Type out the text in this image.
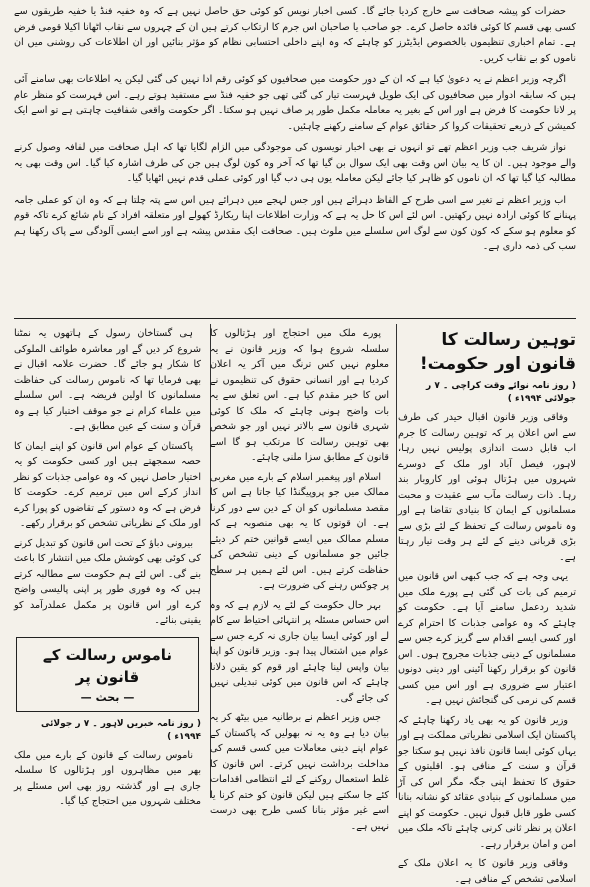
حضرات کو پیشہ صحافت سے خارج کردیا جائے گا۔ کسی اخبار نویس کو کوئی حق حاصل نہیں ہے کہ وہ خفیہ فنڈ یا خفیہ طریقوں سے کسی بھی قسم کا کوئی فائدہ حاصل کرے۔ جو صاحب یا صاحبان اس جرم کا ارتکاب کرتے ہیں ان کے چہروں سے نقاب اٹھانا اکیلا قومی فرض ہے۔ تمام اخباری تنظیموں بالخصوص ایڈیٹرز کو چاہئے کہ وہ اپنے داخلی احتسابی نظام کو مؤثر بنائیں اور ان اطلاعات کی روشنی میں ان ناموں کو بے نقاب کریں۔

اگرچہ وزیر اعظم نے یہ دعویٰ کیا ہے کہ ان کے دور حکومت میں صحافیوں کو کوئی رقم ادا نہیں کی گئی لیکن یہ اطلاعات بھی سامنے آئی ہیں کہ سابقہ ادوار میں صحافیوں کی ایک طویل فہرست تیار کی گئی تھی جو خفیہ فنڈ سے مستفید ہوتے رہے۔ اس فہرست کو منظر عام پر لانا حکومت کا فرض ہے اور اس کے بغیر یہ معاملہ مکمل طور پر صاف نہیں ہو سکتا۔ اگر حکومت واقعی شفافیت چاہتی ہے تو اسے ایک کمیشن کے ذریعے تحقیقات کروا کر حقائق عوام کے سامنے رکھنے چاہئیں۔

نواز شریف جب وزیر اعظم تھے تو انہوں نے بھی اخبار نویسوں کی موجودگی میں الزام لگایا تھا کہ اہل صحافت میں لفافہ وصول کرنے والے موجود ہیں۔ ان کا یہ بیان اس وقت بھی ایک سوال بن گیا تھا کہ آخر وہ کون لوگ ہیں جن کی طرف اشارہ کیا گیا۔ اس وقت بھی یہ مطالبہ کیا گیا تھا کہ ان ناموں کو ظاہر کیا جائے لیکن معاملہ یوں ہی دب گیا اور کوئی عملی قدم نہیں اٹھایا گیا۔

اب وزیر اعظم نے تغیر سے اسی طرح کے الفاظ دہرائے ہیں اور جس لہجے میں دہرائے ہیں اس سے پتہ چلتا ہے کہ وہ ان کو عملی جامہ پہنانے کا کوئی ارادہ نہیں رکھتیں۔ اس لئے اس کا حل یہ ہے کہ وزارت اطلاعات اپنا ریکارڈ کھولے اور متعلقہ افراد کے نام شائع کرے تاکہ قوم کو معلوم ہو سکے کہ کون کون سے لوگ اس سلسلے میں ملوث ہیں۔ صحافت ایک مقدس پیشہ ہے اور اسے ایسی آلودگی سے پاک رکھنا ہم سب کی ذمہ داری ہے۔

توہین رسالت کا قانون اور حکومت!

( روز نامہ نوائے وقت کراچی ۔ ۷ ر جولائی ۱۹۹۴ء )

وفاقی وزیر قانون اقبال حیدر کی طرف سے اس اعلان پر کہ توہین رسالت کا جرم اب قابل دست اندازی پولیس نہیں رہا، لاہور، فیصل آباد اور ملک کے دوسرے شہروں میں ہڑتال ہوئی اور کاروبار بند رہا۔ ذات رسالت مآب سے عقیدت و محبت مسلمانوں کے ایمان کا بنیادی تقاضا ہے اور وہ ناموس رسالت کے تحفظ کے لئے بڑی سے بڑی قربانی دینے کے لئے ہر وقت تیار رہتا ہے۔

یہی وجہ ہے کہ جب کبھی اس قانون میں ترمیم کی بات کی گئی ہے پورے ملک میں شدید ردعمل سامنے آیا ہے۔ حکومت کو چاہئے کہ وہ عوامی جذبات کا احترام کرے اور کسی ایسے اقدام سے گریز کرے جس سے مسلمانوں کے دینی جذبات مجروح ہوں۔ اس قانون کو برقرار رکھنا آئینی اور دینی دونوں اعتبار سے ضروری ہے اور اس میں کسی قسم کی نرمی کی گنجائش نہیں ہے۔

وزیر قانون کو یہ بھی یاد رکھنا چاہئے کہ پاکستان ایک اسلامی نظریاتی مملکت ہے اور یہاں کوئی ایسا قانون نافذ نہیں ہو سکتا جو قرآن و سنت کے منافی ہو۔ اقلیتوں کے حقوق کا تحفظ اپنی جگہ مگر اس کی آڑ میں مسلمانوں کے بنیادی عقائد کو نشانہ بنانا کسی طور قابل قبول نہیں۔ حکومت کو اپنے اعلان پر نظر ثانی کرنی چاہئے تاکہ ملک میں امن و امان برقرار رہے۔

وفاقی وزیر قانون کا یہ اعلان ملک کے اسلامی تشخص کے منافی ہے۔

پورے ملک میں احتجاج اور ہڑتالوں کا سلسلہ شروع ہوا کہ وزیر قانون نے یہ معلوم نہیں کس ترنگ میں آکر یہ اعلان کردیا ہے اور انسانی حقوق کی تنظیموں نے اس کا خیر مقدم کیا ہے۔ اس تعلق سے یہ بات واضح ہونی چاہئے کہ ملک کا کوئی شہری قانون سے بالاتر نہیں اور جو شخص بھی توہین رسالت کا مرتکب ہو گا اسے قانون کے مطابق سزا ملنی چاہئے۔

اسلام اور پیغمبر اسلام کے بارے میں مغربی ممالک میں جو پروپیگنڈا کیا جاتا ہے اس کا مقصد مسلمانوں کو ان کے دین سے دور کرنا ہے۔ ان قوتوں کا یہ بھی منصوبہ ہے کہ مسلم ممالک میں ایسے قوانین ختم کر دیئے جائیں جو مسلمانوں کے دینی تشخص کی حفاظت کرتے ہیں۔ اس لئے ہمیں ہر سطح پر چوکس رہنے کی ضرورت ہے۔

بہر حال حکومت کے لئے یہ لازم ہے کہ وہ اس حساس مسئلہ پر انتہائی احتیاط سے کام لے اور کوئی ایسا بیان جاری نہ کرے جس سے عوام میں اشتعال پیدا ہو۔ وزیر قانون کو اپنا بیان واپس لینا چاہئے اور قوم کو یقین دلانا چاہئے کہ اس قانون میں کوئی تبدیلی نہیں کی جائے گی۔

جس وزیر اعظم نے برطانیہ میں بیٹھ کر یہ بیان دیا ہے وہ یہ نہ بھولیں کہ پاکستان کے عوام اپنے دینی معاملات میں کسی قسم کی مداخلت برداشت نہیں کرتے۔ اس قانون کا غلط استعمال روکنے کے لئے انتظامی اقدامات کئے جا سکتے ہیں لیکن قانون کو ختم کرنا یا اسے غیر مؤثر بنانا کسی طرح بھی درست نہیں ہے۔

ہی گستاخان رسول کے ہاتھوں یہ نمٹنا شروع کر دیں گے اور معاشرہ طوائف الملوکی کا شکار ہو جائے گا۔ حضرت علامہ اقبال نے بھی فرمایا تھا کہ ناموس رسالت کی حفاظت مسلمانوں کا اولین فریضہ ہے۔ اس سلسلے میں علماء کرام نے جو موقف اختیار کیا ہے وہ قرآن و سنت کے عین مطابق ہے۔

پاکستان کے عوام اس قانون کو اپنے ایمان کا حصہ سمجھتے ہیں اور کسی حکومت کو یہ اختیار حاصل نہیں کہ وہ عوامی جذبات کو نظر انداز کرکے اس میں ترمیم کرے۔ حکومت کا فرض ہے کہ وہ دستور کے تقاضوں کو پورا کرے اور ملک کے نظریاتی تشخص کو برقرار رکھے۔

بیرونی دباؤ کے تحت اس قانون کو تبدیل کرنے کی کوئی بھی کوشش ملک میں انتشار کا باعث بنے گی۔ اس لئے ہم حکومت سے مطالبہ کرتے ہیں کہ وہ فوری طور پر اپنی پالیسی واضح کرے اور اس قانون پر مکمل عملدرآمد کو یقینی بنائے۔

ناموس رسالت کے قانون پر

— بحث —

( روز نامہ خبریں لاہور ۔ ۷ ر جولائی ۱۹۹۴ء )

ناموس رسالت کے قانون کے بارے میں ملک بھر میں مظاہروں اور ہڑتالوں کا سلسلہ جاری ہے اور گذشتہ روز بھی اس مسئلے پر مختلف شہروں میں احتجاج کیا گیا۔
